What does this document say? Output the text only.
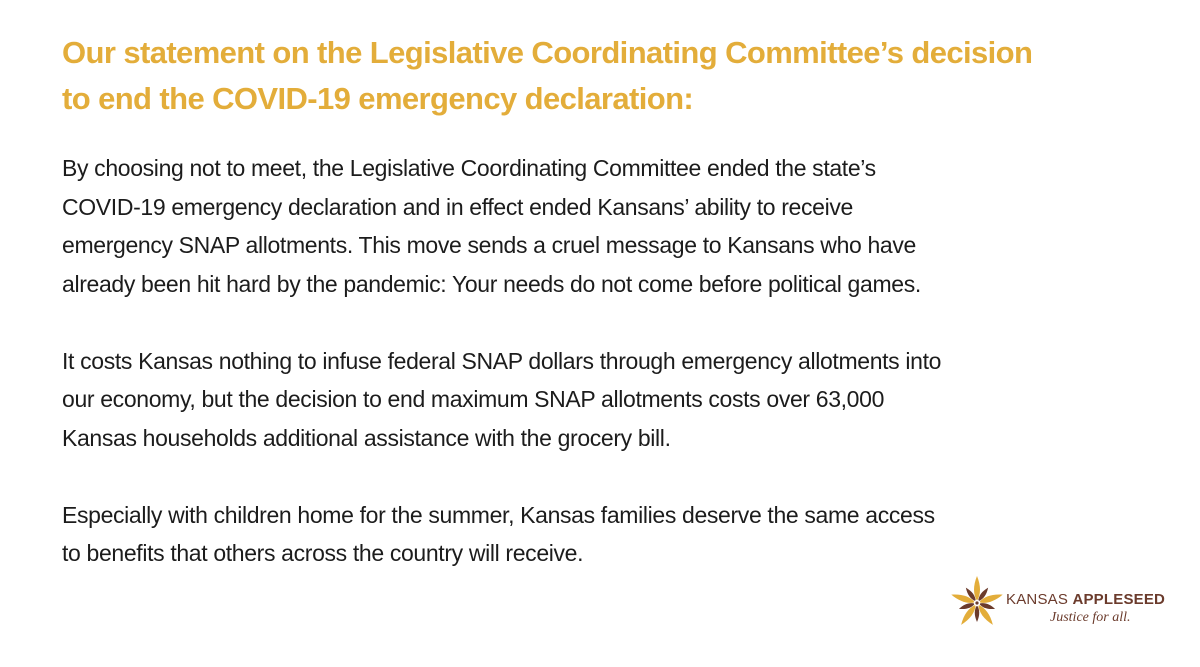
Our statement on the Legislative Coordinating Committee’s decision
to end the COVID-19 emergency declaration:

By choosing not to meet, the Legislative Coordinating Committee ended the state’s
COVID-19 emergency declaration and in effect ended Kansans’ ability to receive
emergency SNAP allotments. This move sends a cruel message to Kansans who have
already been hit hard by the pandemic: Your needs do not come before political games.

It costs Kansas nothing to infuse federal SNAP dollars through emergency allotments into
our economy, but the decision to end maximum SNAP allotments costs over 63,000
Kansas households additional assistance with the grocery bill.

Especially with children home for the summer, Kansas families deserve the same access
to benefits that others across the country will receive.

KANSAS APPLESEED
Justice for all.
